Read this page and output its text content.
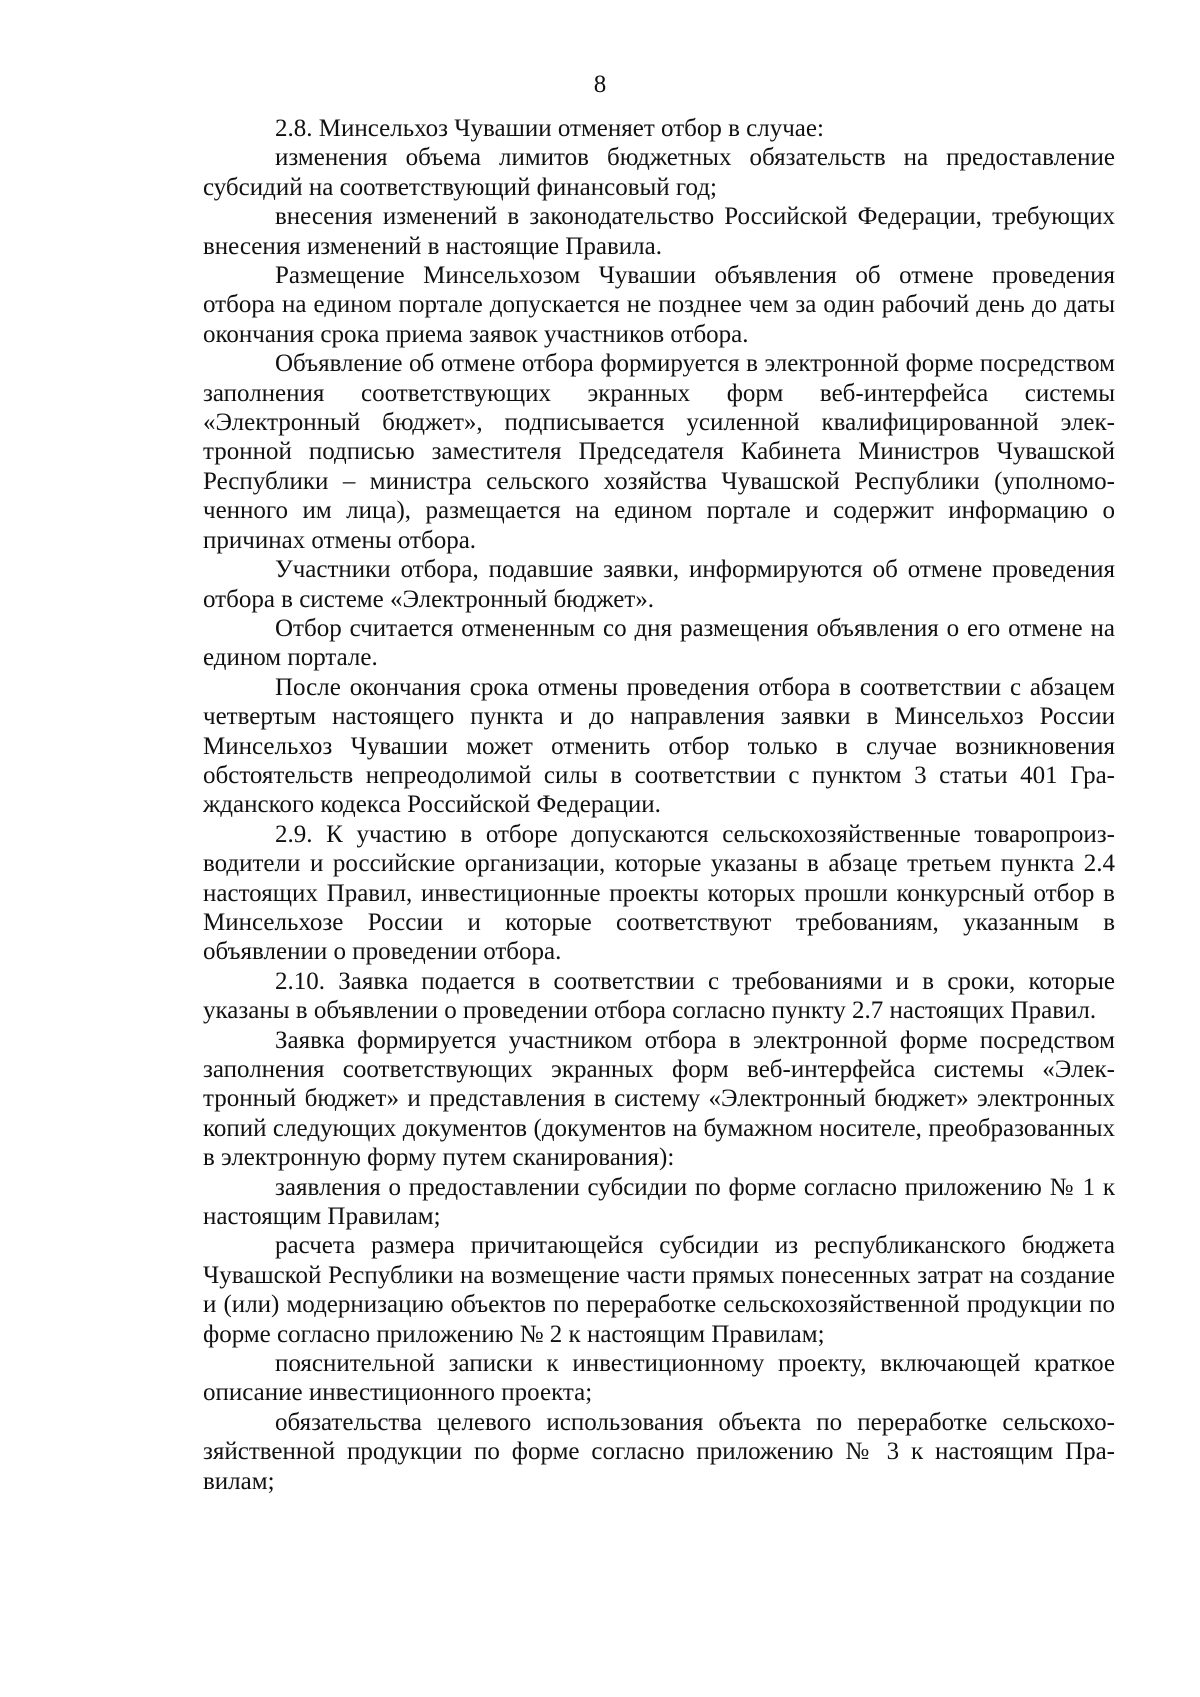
8

2.8. Минсельхоз Чувашии отменяет отбор в случае:

изменения объема лимитов бюджетных обязательств на предоставление субсидий на соответствующий финансовый год;

внесения изменений в законодательство Российской Федерации, требующих внесения изменений в настоящие Правила.

Размещение Минсельхозом Чувашии объявления об отмене проведения отбора на едином портале допускается не позднее чем за один рабочий день до даты окончания срока приема заявок участников отбора.

Объявление об отмене отбора формируется в электронной форме посредством заполнения соответствующих экранных форм веб-интерфейса системы «Электронный бюджет», подписывается усиленной квалифицированной электронной подписью заместителя Председателя Кабинета Министров Чувашской Республики – министра сельского хозяйства Чувашской Республики (уполномоченного им лица), размещается на едином портале и содержит информацию о причинах отмены отбора.

Участники отбора, подавшие заявки, информируются об отмене проведения отбора в системе «Электронный бюджет».

Отбор считается отмененным со дня размещения объявления о его отмене на едином портале.

После окончания срока отмены проведения отбора в соответствии с абзацем четвертым настоящего пункта и до направления заявки в Минсельхоз России Минсельхоз Чувашии может отменить отбор только в случае возникновения обстоятельств непреодолимой силы в соответствии с пунктом 3 статьи 401 Гражданского кодекса Российской Федерации.

2.9. К участию в отборе допускаются сельскохозяйственные товаропроизводители и российские организации, которые указаны в абзаце третьем пункта 2.4 настоящих Правил, инвестиционные проекты которых прошли конкурсный отбор в Минсельхозе России и которые соответствуют требованиям, указанным в объявлении о проведении отбора.

2.10. Заявка подается в соответствии с требованиями и в сроки, которые указаны в объявлении о проведении отбора согласно пункту 2.7 настоящих Правил.

Заявка формируется участником отбора в электронной форме посредством заполнения соответствующих экранных форм веб-интерфейса системы «Электронный бюджет» и представления в систему «Электронный бюджет» электронных копий следующих документов (документов на бумажном носителе, преобразованных в электронную форму путем сканирования):

заявления о предоставлении субсидии по форме согласно приложению № 1 к настоящим Правилам;

расчета размера причитающейся субсидии из республиканского бюджета Чувашской Республики на возмещение части прямых понесенных затрат на создание и (или) модернизацию объектов по переработке сельскохозяйственной продукции по форме согласно приложению № 2 к настоящим Правилам;

пояснительной записки к инвестиционному проекту, включающей краткое описание инвестиционного проекта;

обязательства целевого использования объекта по переработке сельскохозяйственной продукции по форме согласно приложению № 3 к настоящим Правилам;
